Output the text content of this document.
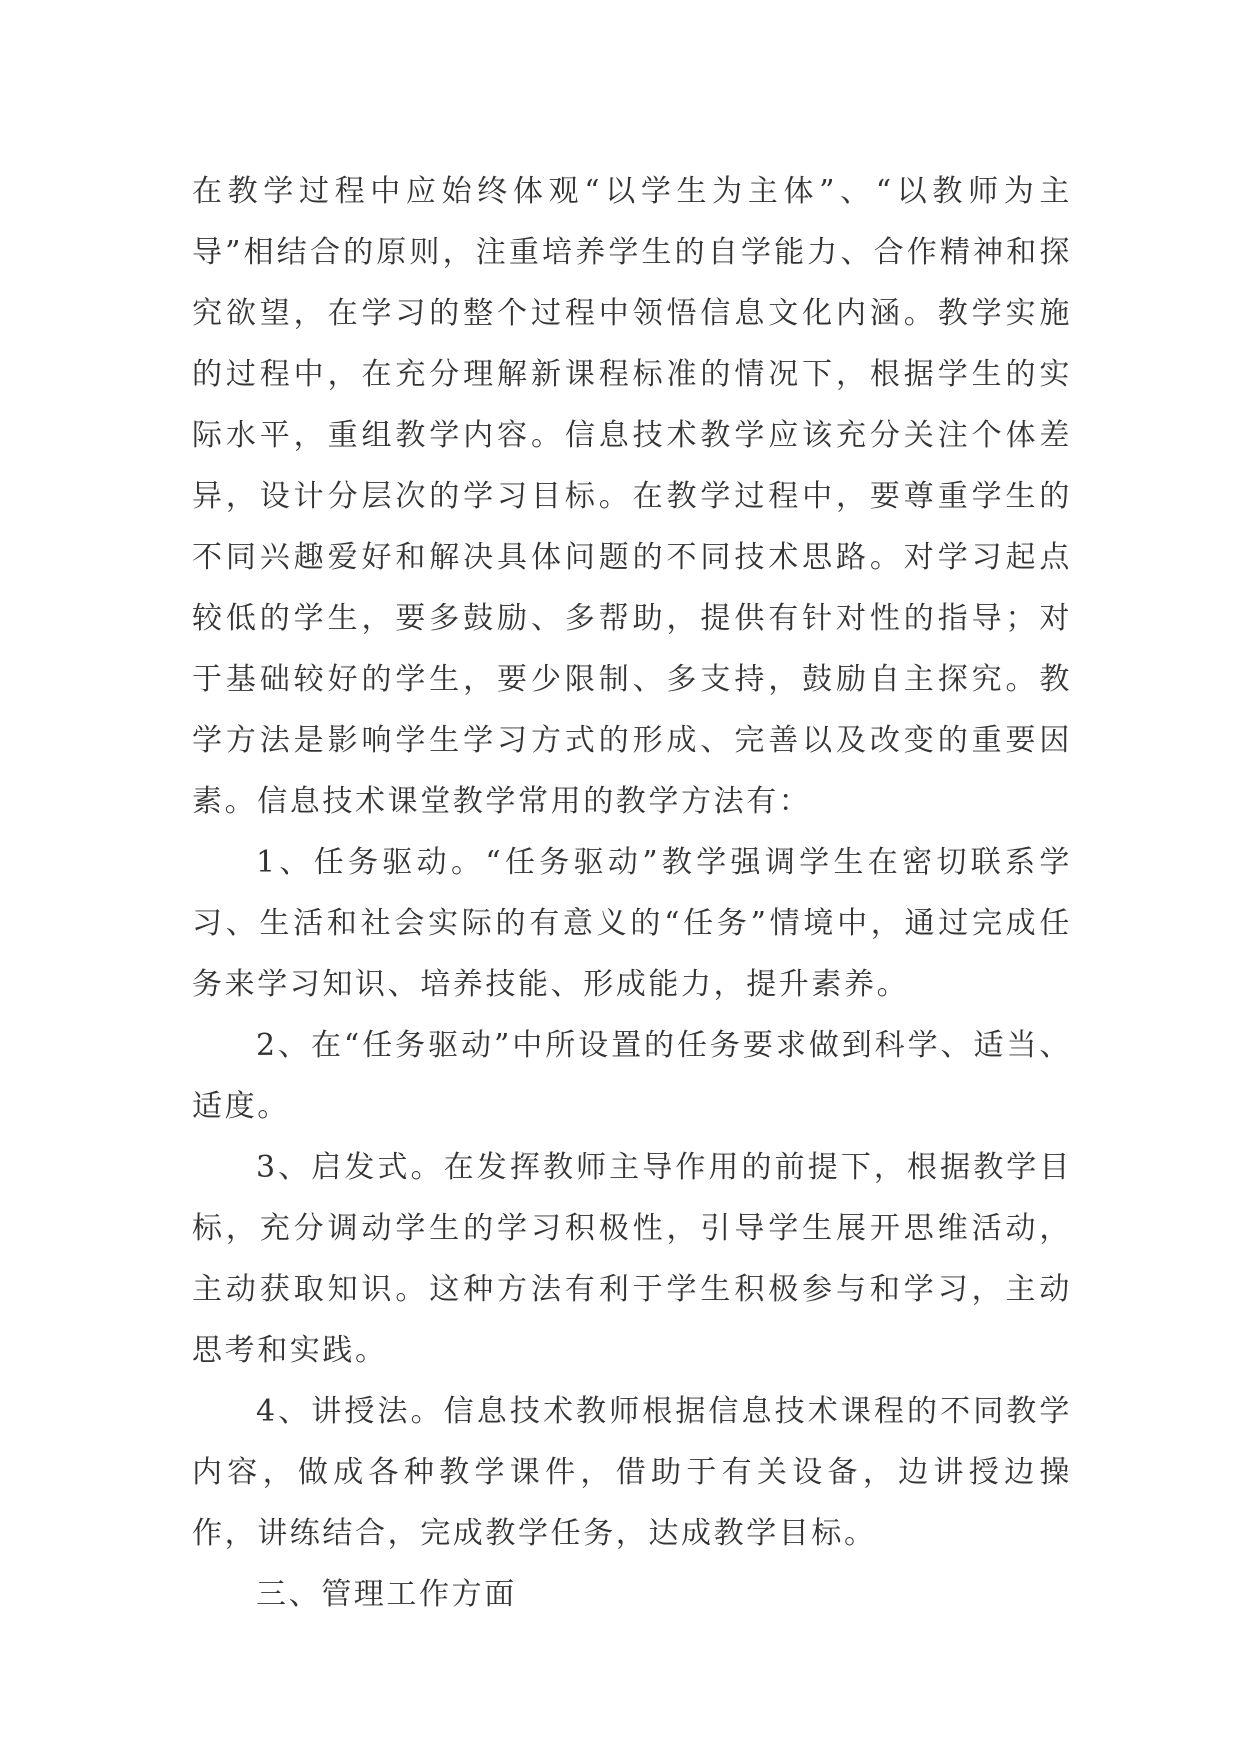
在教学过程中应始终体观“以学生为主体”、“以教师为主导”相结合的原则，注重培养学生的自学能力、合作精神和探究欲望，在学习的整个过程中领悟信息文化内涵。教学实施的过程中，在充分理解新课程标准的情况下，根据学生的实际水平，重组教学内容。信息技术教学应该充分关注个体差异，设计分层次的学习目标。在教学过程中，要尊重学生的不同兴趣爱好和解决具体问题的不同技术思路。对学习起点较低的学生，要多鼓励、多帮助，提供有针对性的指导；对于基础较好的学生，要少限制、多支持，鼓励自主探究。教学方法是影响学生学习方式的形成、完善以及改变的重要因素。信息技术课堂教学常用的教学方法有：

1、任务驱动。“任务驱动”教学强调学生在密切联系学习、生活和社会实际的有意义的“任务”情境中，通过完成任务来学习知识、培养技能、形成能力，提升素养。

2、在“任务驱动”中所设置的任务要求做到科学、适当、适度。

3、启发式。在发挥教师主导作用的前提下，根据教学目标，充分调动学生的学习积极性，引导学生展开思维活动，主动获取知识。这种方法有利于学生积极参与和学习，主动思考和实践。

4、讲授法。信息技术教师根据信息技术课程的不同教学内容，做成各种教学课件，借助于有关设备，边讲授边操作，讲练结合，完成教学任务，达成教学目标。

三、管理工作方面
